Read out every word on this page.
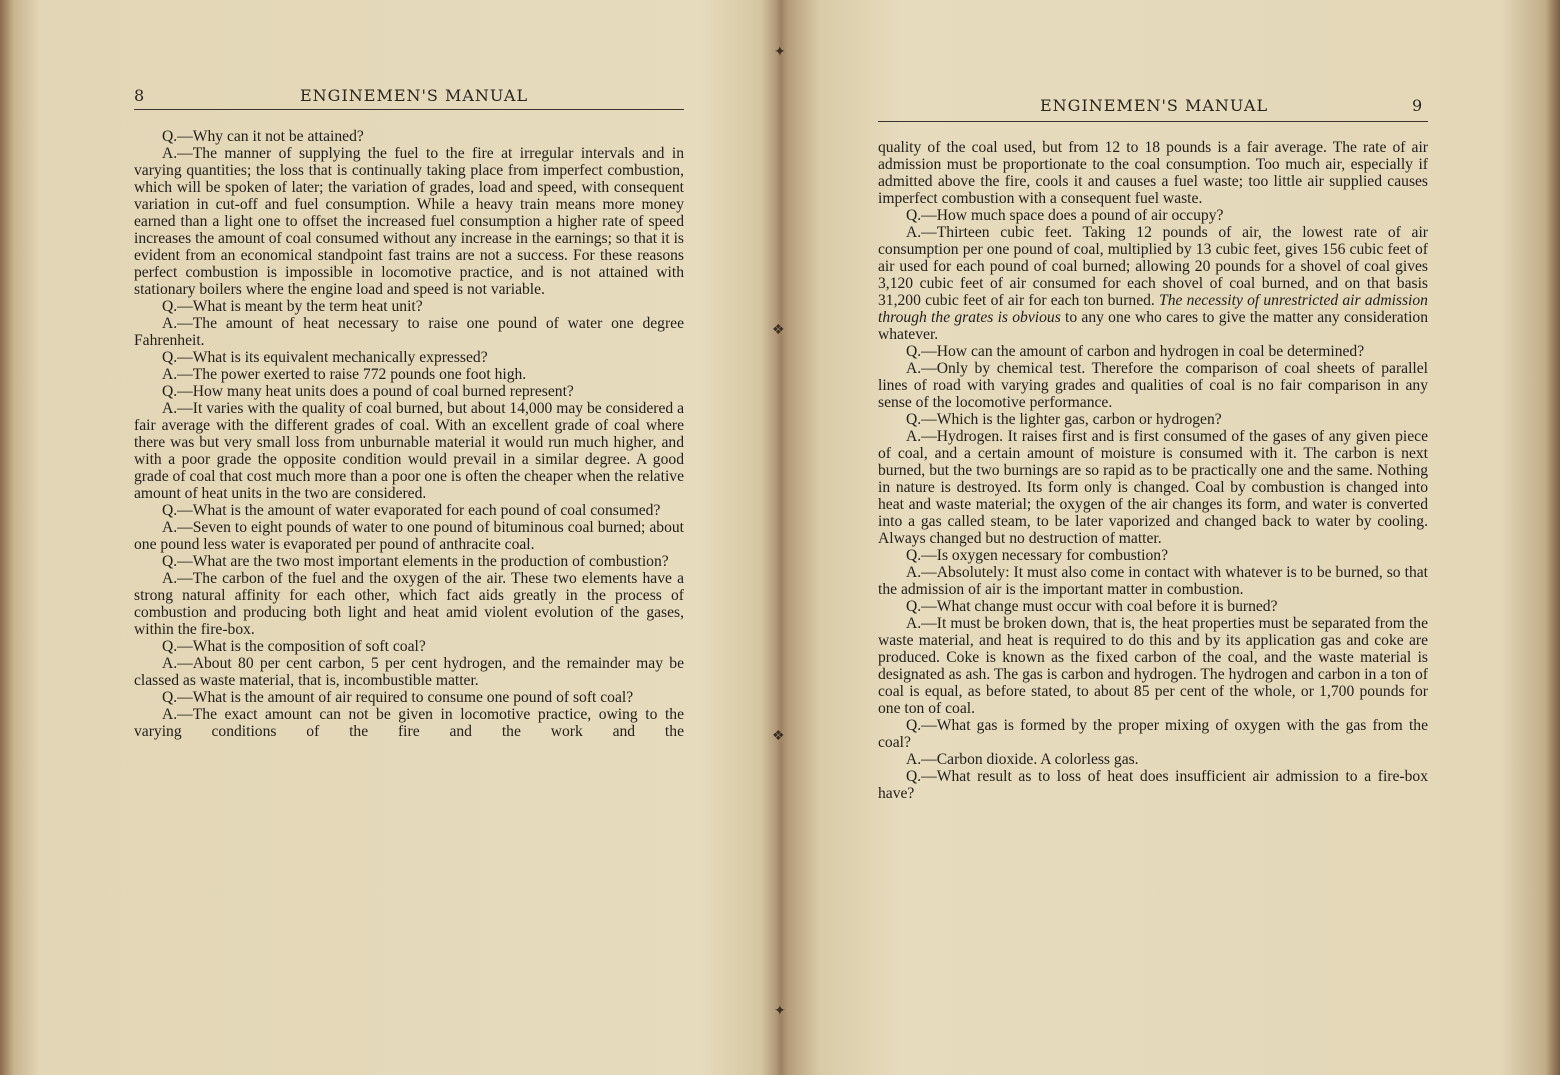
8	ENGINEMEN'S MANUAL

Q.—Why can it not be attained?

A.—The manner of supplying the fuel to the fire at irregular intervals and in varying quantities; the loss that is continually taking place from imperfect combustion, which will be spoken of later; the variation of grades, load and speed, with consequent variation in cut-off and fuel consumption. While a heavy train means more money earned than a light one to offset the increased fuel consumption a higher rate of speed increases the amount of coal consumed without any increase in the earnings; so that it is evident from an economical standpoint fast trains are not a success. For these reasons perfect combustion is impossible in locomotive practice, and is not attained with stationary boilers where the engine load and speed is not variable.

Q.—What is meant by the term heat unit?

A.—The amount of heat necessary to raise one pound of water one degree Fahrenheit.

Q.—What is its equivalent mechanically expressed?

A.—The power exerted to raise 772 pounds one foot high.

Q.—How many heat units does a pound of coal burned represent?

A.—It varies with the quality of coal burned, but about 14,000 may be considered a fair average with the different grades of coal. With an excellent grade of coal where there was but very small loss from unburnable material it would run much higher, and with a poor grade the opposite condition would prevail in a similar degree. A good grade of coal that cost much more than a poor one is often the cheaper when the relative amount of heat units in the two are considered.

Q.—What is the amount of water evaporated for each pound of coal consumed?

A.—Seven to eight pounds of water to one pound of bituminous coal burned; about one pound less water is evaporated per pound of anthracite coal.

Q.—What are the two most important elements in the production of combustion?

A.—The carbon of the fuel and the oxygen of the air. These two elements have a strong natural affinity for each other, which fact aids greatly in the process of combustion and producing both light and heat amid violent evolution of the gases, within the fire-box.

Q.—What is the composition of soft coal?

A.—About 80 per cent carbon, 5 per cent hydrogen, and the remainder may be classed as waste material, that is, incombustible matter.

Q.—What is the amount of air required to consume one pound of soft coal?

A.—The exact amount can not be given in locomotive practice, owing to the varying conditions of the fire and the work and the

✦
❖
❖
✦
ENGINEMEN'S MANUAL	9

quality of the coal used, but from 12 to 18 pounds is a fair average. The rate of air admission must be proportionate to the coal consumption. Too much air, especially if admitted above the fire, cools it and causes a fuel waste; too little air supplied causes imperfect combustion with a consequent fuel waste.

Q.—How much space does a pound of air occupy?

A.—Thirteen cubic feet. Taking 12 pounds of air, the lowest rate of air consumption per one pound of coal, multiplied by 13 cubic feet, gives 156 cubic feet of air used for each pound of coal burned; allowing 20 pounds for a shovel of coal gives 3,120 cubic feet of air consumed for each shovel of coal burned, and on that basis 31,200 cubic feet of air for each ton burned. The necessity of unrestricted air admission through the grates is obvious to any one who cares to give the matter any consideration whatever.

Q.—How can the amount of carbon and hydrogen in coal be determined?

A.—Only by chemical test. Therefore the comparison of coal sheets of parallel lines of road with varying grades and qualities of coal is no fair comparison in any sense of the locomotive performance.

Q.—Which is the lighter gas, carbon or hydrogen?

A.—Hydrogen. It raises first and is first consumed of the gases of any given piece of coal, and a certain amount of moisture is consumed with it. The carbon is next burned, but the two burnings are so rapid as to be practically one and the same. Nothing in nature is destroyed. Its form only is changed. Coal by combustion is changed into heat and waste material; the oxygen of the air changes its form, and water is converted into a gas called steam, to be later vaporized and changed back to water by cooling. Always changed but no destruction of matter.

Q.—Is oxygen necessary for combustion?

A.—Absolutely: It must also come in contact with whatever is to be burned, so that the admission of air is the important matter in combustion.

Q.—What change must occur with coal before it is burned?

A.—It must be broken down, that is, the heat properties must be separated from the waste material, and heat is required to do this and by its application gas and coke are produced. Coke is known as the fixed carbon of the coal, and the waste material is designated as ash. The gas is carbon and hydrogen. The hydrogen and carbon in a ton of coal is equal, as before stated, to about 85 per cent of the whole, or 1,700 pounds for one ton of coal.

Q.—What gas is formed by the proper mixing of oxygen with the gas from the coal?

A.—Carbon dioxide. A colorless gas.

Q.—What result as to loss of heat does insufficient air admission to a fire-box have?
